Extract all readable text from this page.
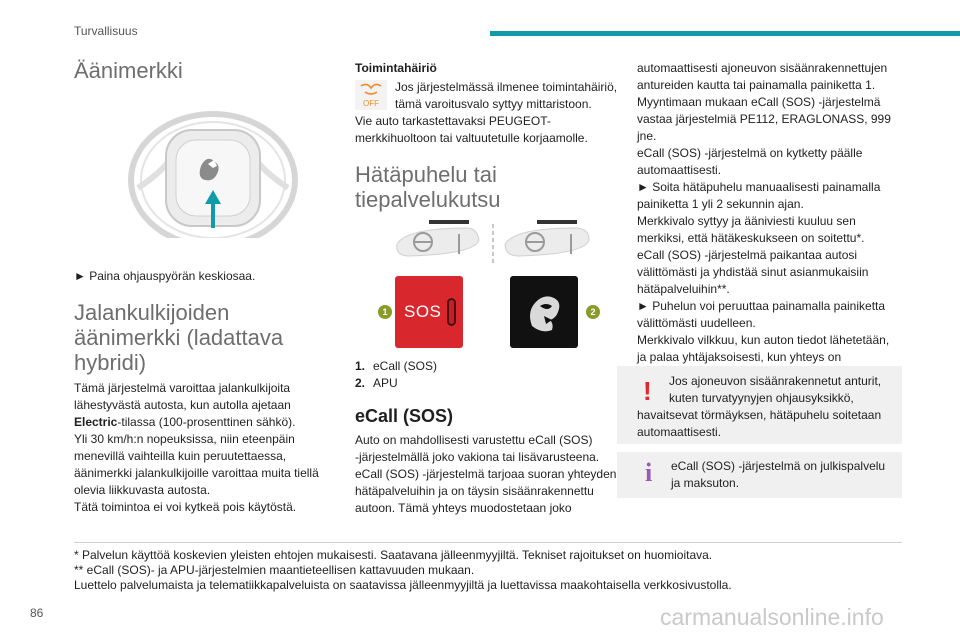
Turvallisuus
Äänimerkki
► Paina ohjauspyörän keskiosaa.
Jalankulkijoiden
äänimerkki (ladattava
hybridi)
Tämä järjestelmä varoittaa jalankulkijoita
lähestyvästä autosta, kun autolla ajetaan
Electric-tilassa (100-prosenttinen sähkö).
Yli 30 km/h:n nopeuksissa, niin eteenpäin
menevillä vaihteilla kuin peruutettaessa,
äänimerkki jalankulkijoille varoittaa muita tiellä
olevia liikkuvasta autosta.
Tätä toimintoa ei voi kytkeä pois käytöstä.
Toimintahäiriö
OFF
Jos järjestelmässä ilmenee toimintahäiriö,
tämä varoitusvalo syttyy mittaristoon.
Vie auto tarkastettavaksi PEUGEOT-
merkkihuoltoon tai valtuutetulle korjaamolle.
Hätäpuhelu tai
tiepalvelukutsu
1 SOS	2
1. eCall (SOS)
2. APU
eCall (SOS)
Auto on mahdollisesti varustettu eCall (SOS)
-järjestelmällä joko vakiona tai lisävarusteena.
eCall (SOS) -järjestelmä tarjoaa suoran yhteyden
hätäpalveluihin ja on täysin sisäänrakennettu
autoon. Tämä yhteys muodostetaan joko
automaattisesti ajoneuvon sisäänrakennettujen
antureiden kautta tai painamalla painiketta 1.
Myyntimaan mukaan eCall (SOS) -järjestelmä
vastaa järjestelmiä PE112, ERAGLONASS, 999
jne.
eCall (SOS) -järjestelmä on kytketty päälle
automaattisesti.
► Soita hätäpuhelu manuaalisesti painamalla
painiketta 1 yli 2 sekunnin ajan.
Merkkivalo syttyy ja ääniviesti kuuluu sen
merkiksi, että hätäkeskukseen on soitettu*.
eCall (SOS) -järjestelmä paikantaa autosi
välittömästi ja yhdistää sinut asianmukaisiin
hätäpalveluihin**.
► Puhelun voi peruuttaa painamalla painiketta
välittömästi uudelleen.
Merkkivalo vilkkuu, kun auton tiedot lähetetään,
ja palaa yhtäjaksoisesti, kun yhteys on
! Jos ajoneuvon sisäänrakennetut anturit,
kuten turvatyynyjen ohjausyksikkö,
havaitsevat törmäyksen, hätäpuhelu soitetaan
automaattisesti.
i eCall (SOS) -järjestelmä on julkispalvelu
ja maksuton.
* Palvelun käyttöä koskevien yleisten ehtojen mukaisesti. Saatavana jälleenmyyjiltä. Tekniset rajoitukset on huomioitava.
** eCall (SOS)- ja APU-järjestelmien maantieteellisen kattavuuden mukaan.
Luettelo palvelumaista ja telematiikkapalveluista on saatavissa jälleenmyyjiltä ja luettavissa maakohtaisella verkkosivustolla.
86	carmanualsonline.info
